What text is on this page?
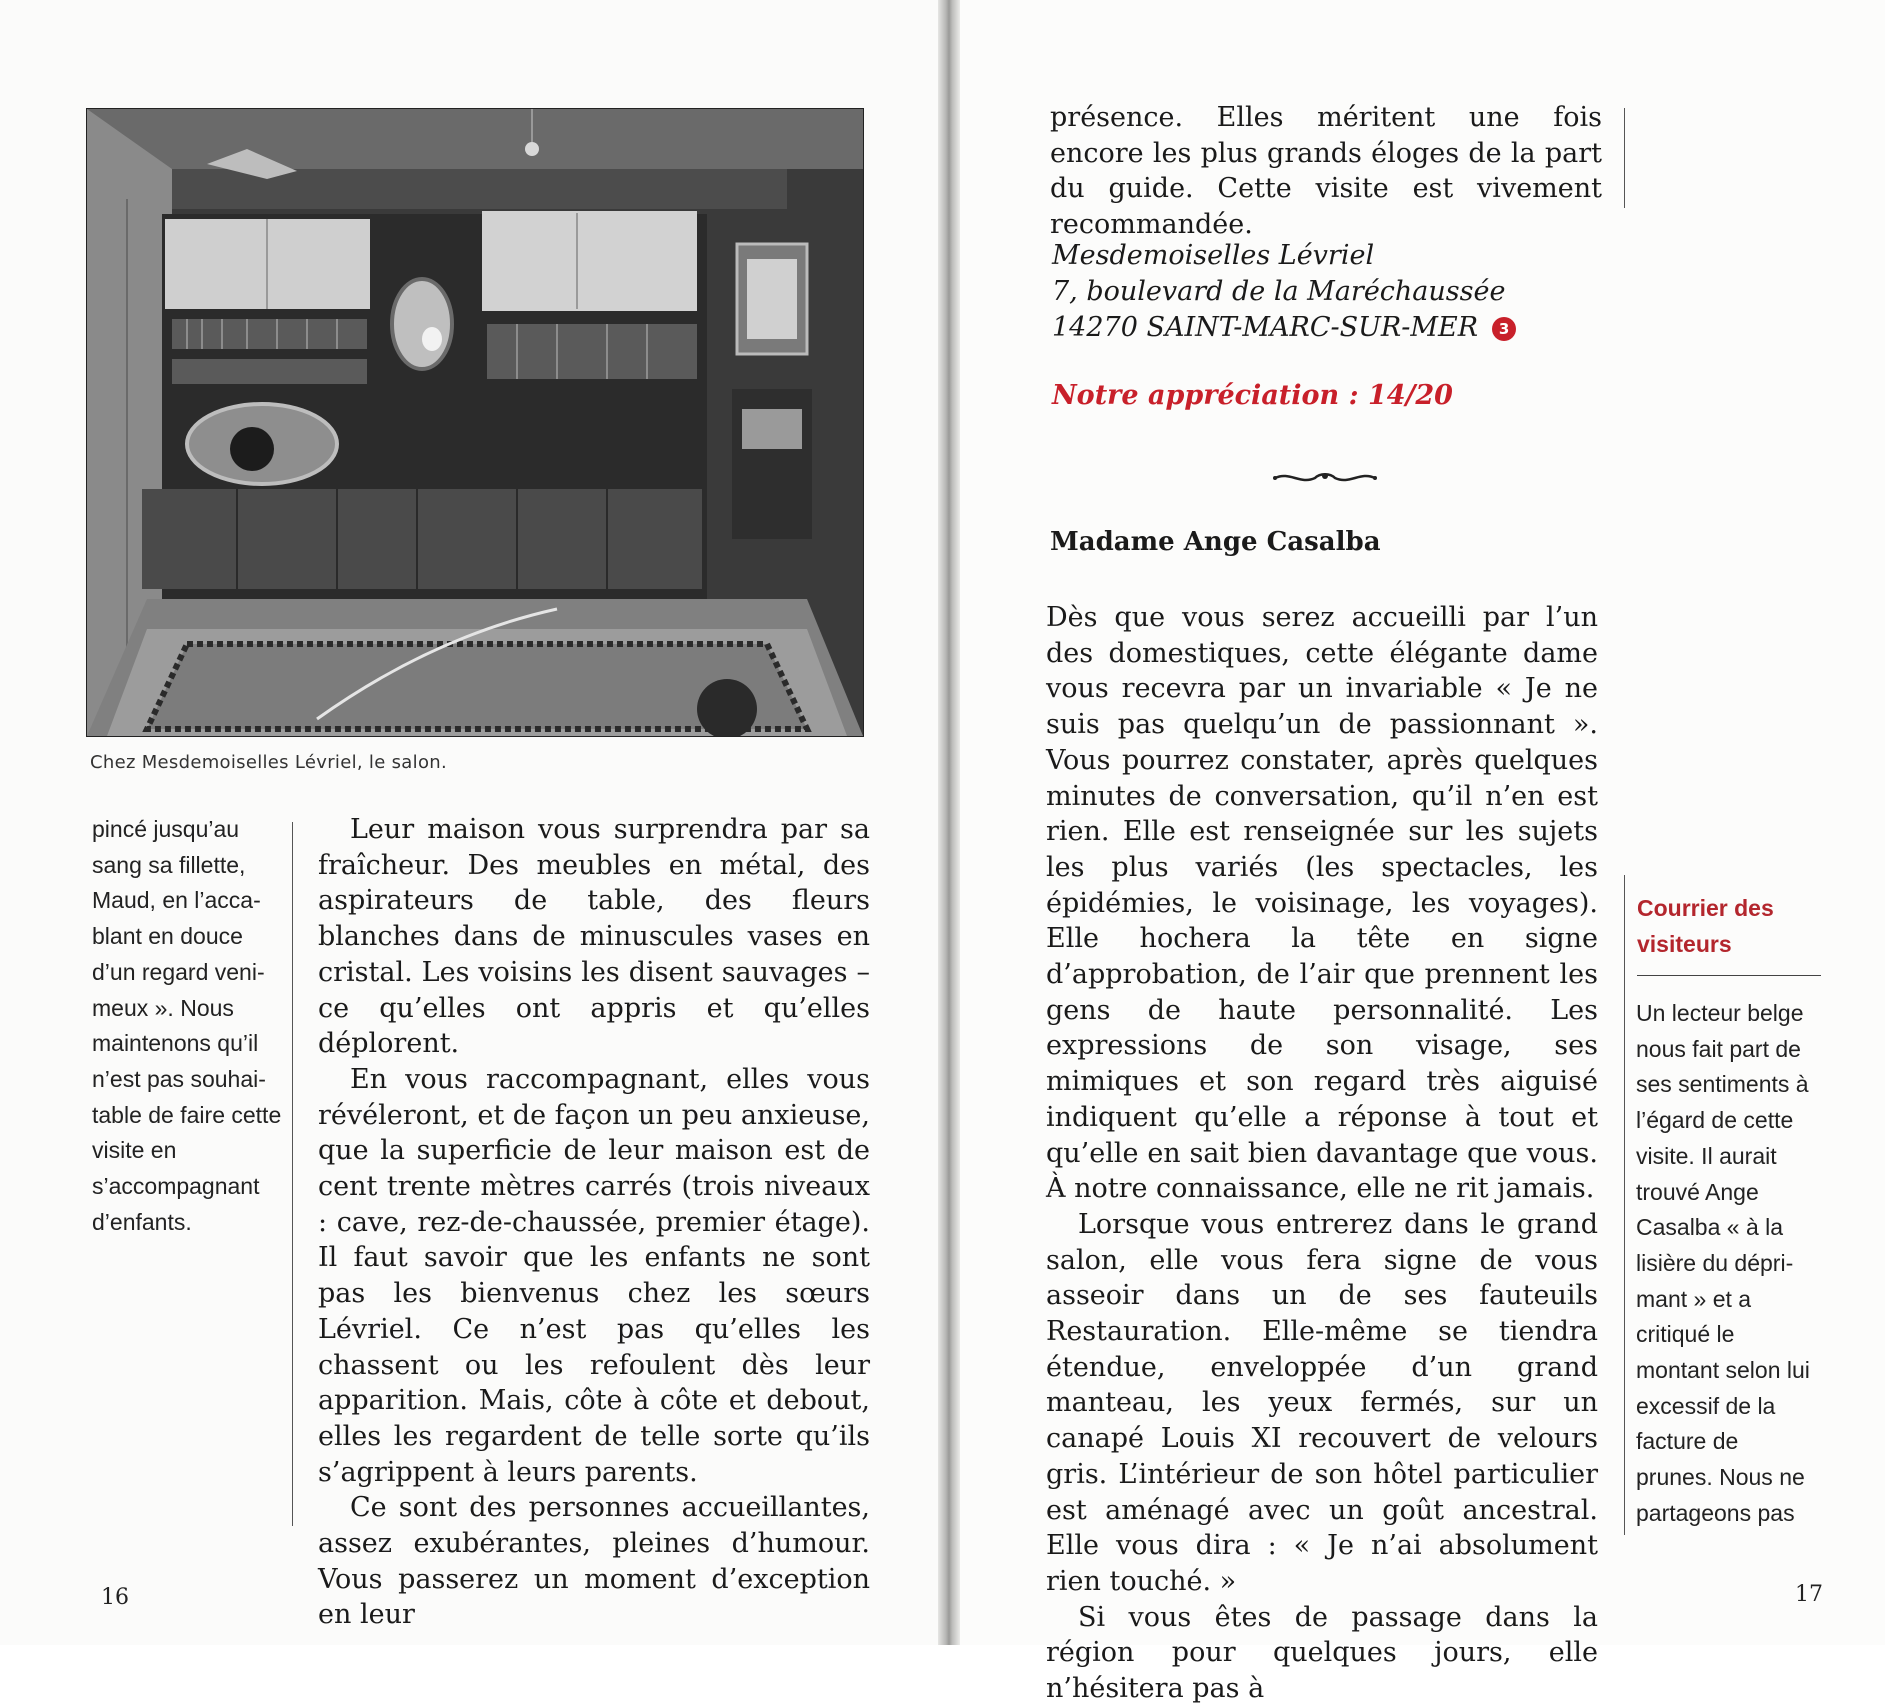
Chez Mesdemoiselles Lévriel, le salon.

pincé jusqu’au sang sa fillette, Maud, en l’acca-blant en douce d’un regard veni-meux ». Nous maintenons qu’il n’est pas souhai-table de faire cette visite en s’accompagnant d’enfants.

Leur maison vous surprendra par sa fraîcheur. Des meubles en métal, des aspirateurs de table, des fleurs blanches dans de minuscules vases en cristal. Les voisins les disent sauvages – ce qu’elles ont appris et qu’elles déplorent.

En vous raccompagnant, elles vous révéleront, et de façon un peu anxieuse, que la superficie de leur maison est de cent trente mètres carrés (trois niveaux : cave, rez-de-chaussée, premier étage). Il faut savoir que les enfants ne sont pas les bienvenus chez les sœurs Lévriel. Ce n’est pas qu’elles les chassent ou les refoulent dès leur apparition. Mais, côte à côte et debout, elles les regardent de telle sorte qu’ils s’agrippent à leurs parents.

Ce sont des personnes accueillantes, assez exubérantes, pleines d’humour. Vous passerez un moment d’exception en leur

16

présence. Elles méritent une fois encore les plus grands éloges de la part du guide. Cette visite est vivement recommandée.

Mesdemoiselles Lévriel
7, boulevard de la Maréchaussée
14270 SAINT-MARC-SUR-MER 3

Notre appréciation : 14/20

Madame Ange Casalba

Dès que vous serez accueilli par l’un des domestiques, cette élégante dame vous recevra par un invariable « Je ne suis pas quelqu’un de passionnant ». Vous pourrez constater, après quelques minutes de conversation, qu’il n’en est rien. Elle est renseignée sur les sujets les plus variés (les spectacles, les épidémies, le voisinage, les voyages). Elle hochera la tête en signe d’approbation, de l’air que prennent les gens de haute personnalité. Les expressions de son visage, ses mimiques et son regard très aiguisé indiquent qu’elle a réponse à tout et qu’elle en sait bien davantage que vous. À notre connaissance, elle ne rit jamais.

Lorsque vous entrerez dans le grand salon, elle vous fera signe de vous asseoir dans un de ses fauteuils Restauration. Elle-même se tiendra étendue, enveloppée d’un grand manteau, les yeux fermés, sur un canapé Louis XI recouvert de velours gris. L’intérieur de son hôtel particulier est aménagé avec un goût ancestral. Elle vous dira : « Je n’ai absolument rien touché. »

Si vous êtes de passage dans la région pour quelques jours, elle n’hésitera pas à

Courrier des visiteurs

Un lecteur belge nous fait part de ses sentiments à l’égard de cette visite. Il aurait trouvé Ange Casalba « à la lisière du dépri-mant » et a critiqué le montant selon lui excessif de la facture de prunes. Nous ne partageons pas

17
